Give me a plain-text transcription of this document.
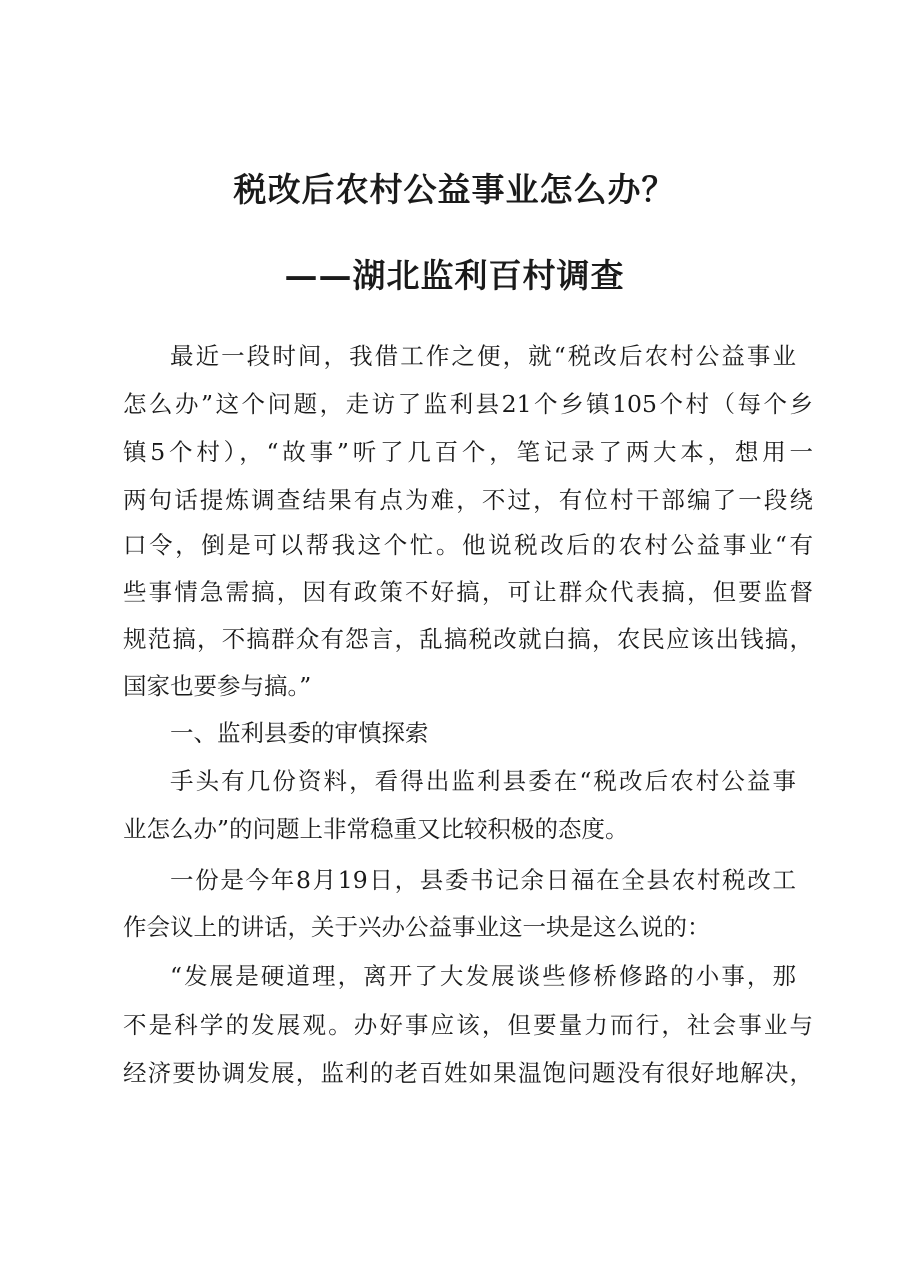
税改后农村公益事业怎么办？
——湖北监利百村调查
最近一段时间，我借工作之便，就“税改后农村公益事业
怎么办”这个问题，走访了监利县21个乡镇105个村（每个乡
镇5个村），“故事”听了几百个，笔记录了两大本，想用一
两句话提炼调查结果有点为难，不过，有位村干部编了一段绕
口令，倒是可以帮我这个忙。他说税改后的农村公益事业“有
些事情急需搞，因有政策不好搞，可让群众代表搞，但要监督
规范搞，不搞群众有怨言，乱搞税改就白搞，农民应该出钱搞，
国家也要参与搞。”
一、监利县委的审慎探索
手头有几份资料，看得出监利县委在“税改后农村公益事
业怎么办”的问题上非常稳重又比较积极的态度。
一份是今年8月19日，县委书记余日福在全县农村税改工
作会议上的讲话，关于兴办公益事业这一块是这么说的：
“发展是硬道理，离开了大发展谈些修桥修路的小事，那
不是科学的发展观。办好事应该，但要量力而行，社会事业与
经济要协调发展，监利的老百姓如果温饱问题没有很好地解决，
